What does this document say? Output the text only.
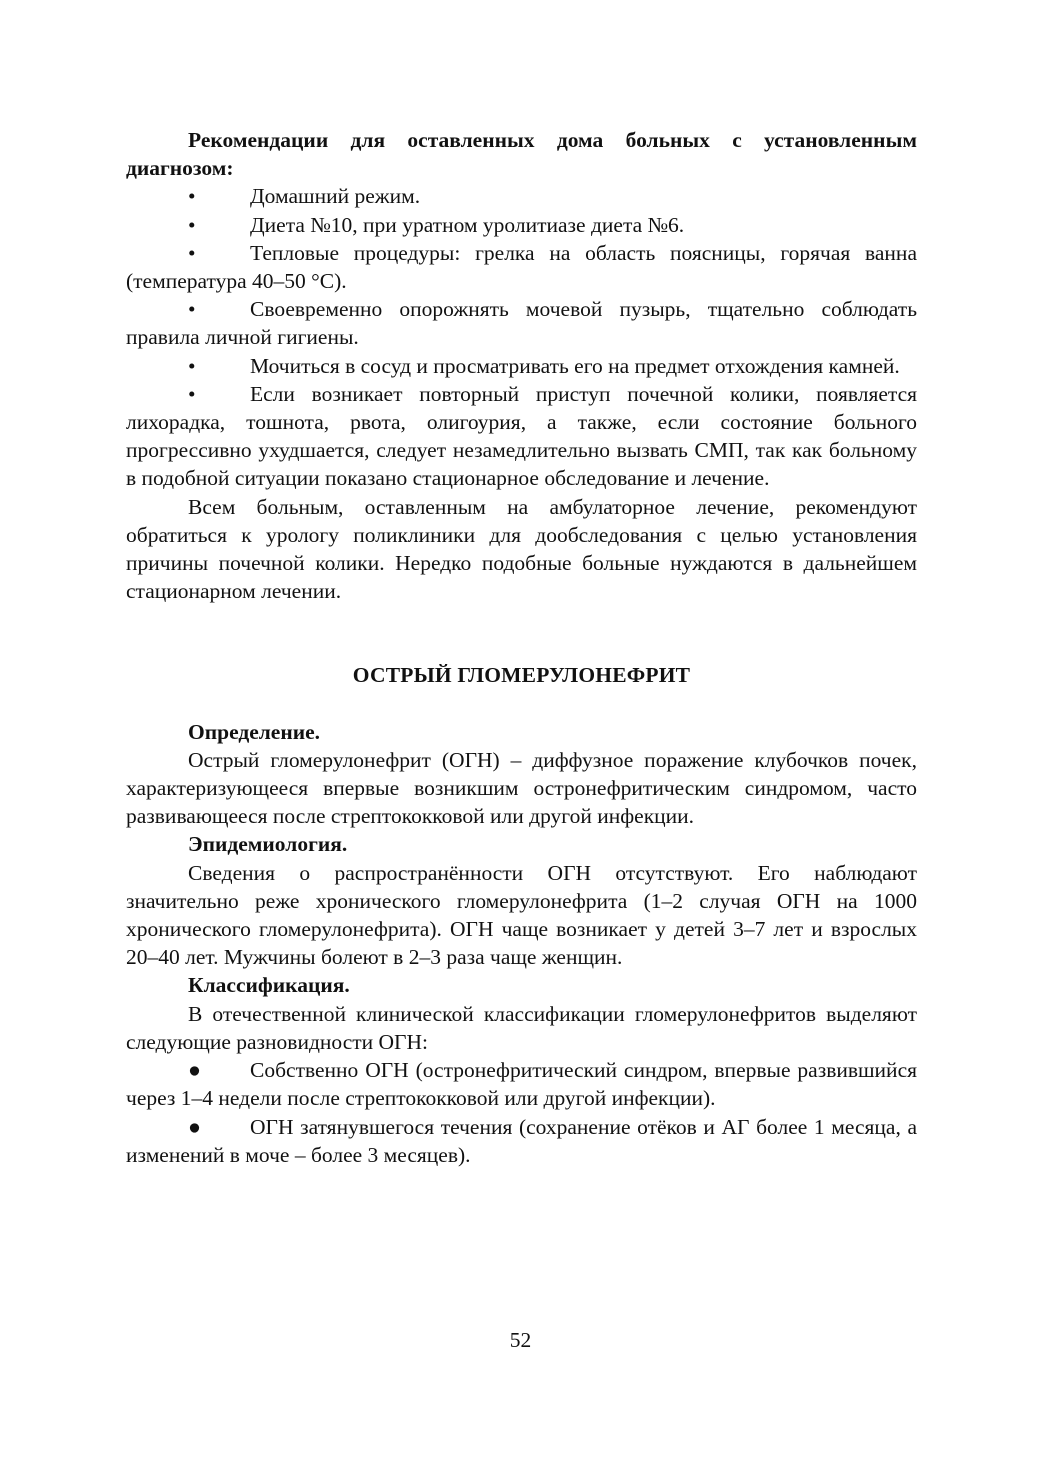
Рекомендации для оставленных дома больных с установленным диагнозом:

•	Домашний режим.

•	Диета №10, при уратном уролитиазе диета №6.

•	Тепловые процедуры: грелка на область поясницы, горячая ванна (температура 40–50 °С).

•	Своевременно опорожнять мочевой пузырь, тщательно соблюдать правила личной гигиены.

•	Мочиться в сосуд и просматривать его на предмет отхождения камней.

•	Если возникает повторный приступ почечной колики, появляется лихорадка, тошнота, рвота, олигоурия, а также, если состояние больного прогрессивно ухудшается, следует незамедлительно вызвать СМП, так как больному в подобной ситуации показано стационарное обследование и лечение.

Всем больным, оставленным на амбулаторное лечение, рекомендуют обратиться к урологу поликлиники для дообследования с целью установления причины почечной колики. Нередко подобные больные нуждаются в дальнейшем стационарном лечении.

ОСТРЫЙ ГЛОМЕРУЛОНЕФРИТ

Определение.

Острый гломерулонефрит (ОГН) – диффузное поражение клубочков почек, характеризующееся впервые возникшим остронефритическим синдромом, часто развивающееся после стрептококковой или другой инфекции.

Эпидемиология.

Сведения о распространённости ОГН отсутствуют. Его наблюдают значительно реже хронического гломерулонефрита (1–2 случая ОГН на 1000 хронического гломерулонефрита). ОГН чаще возникает у детей 3–7 лет и взрослых 20–40 лет. Мужчины болеют в 2–3 раза чаще женщин.

Классификация.

В отечественной клинической классификации гломерулонефритов выделяют следующие разновидности ОГН:

● Собственно ОГН (остронефритический синдром, впервые развившийся через 1–4 недели после стрептококковой или другой инфекции).

● ОГН затянувшегося течения (сохранение отёков и АГ более 1 месяца, а изменений в моче – более 3 месяцев).

52
